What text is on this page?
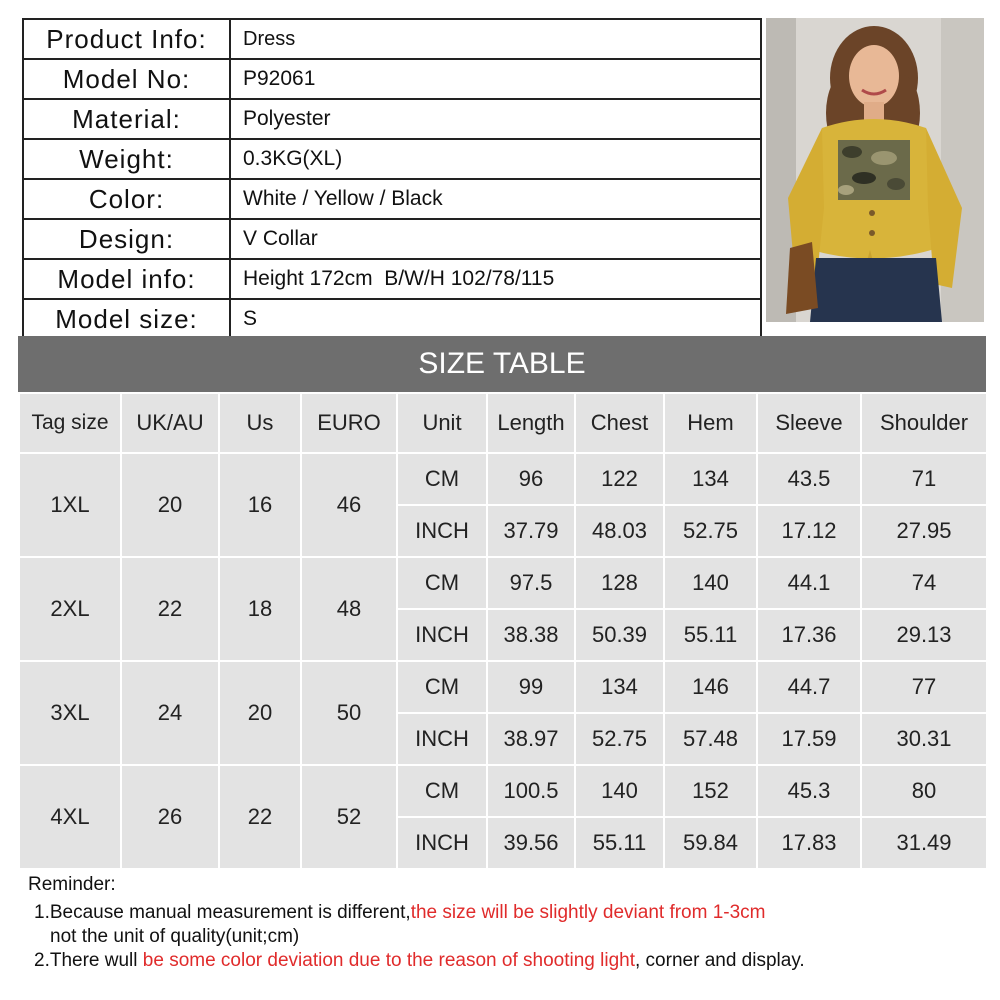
Product Info:	Dress
Model No:	P92061
Material:	Polyester
Weight:	0.3KG(XL)
Color:	White / Yellow / Black
Design:	V Collar
Model info:	Height 172cm  B/W/H 102/78/115
Model size:	S
SIZE TABLE
Tag size	UK/AU	Us	EURO	Unit	Length	Chest	Hem	Sleeve	Shoulder
1XL	20	16	46	CM	96	122	134	43.5	71
				INCH	37.79	48.03	52.75	17.12	27.95
2XL	22	18	48	CM	97.5	128	140	44.1	74
				INCH	38.38	50.39	55.11	17.36	29.13
3XL	24	20	50	CM	99	134	146	44.7	77
				INCH	38.97	52.75	57.48	17.59	30.31
4XL	26	22	52	CM	100.5	140	152	45.3	80
				INCH	39.56	55.11	59.84	17.83	31.49
Reminder:
1.Because manual measurement is different,the size will be slightly deviant from 1-3cm
not the unit of quality(unit;cm)
2.There wull be some color deviation due to the reason of shooting light, corner and display.
